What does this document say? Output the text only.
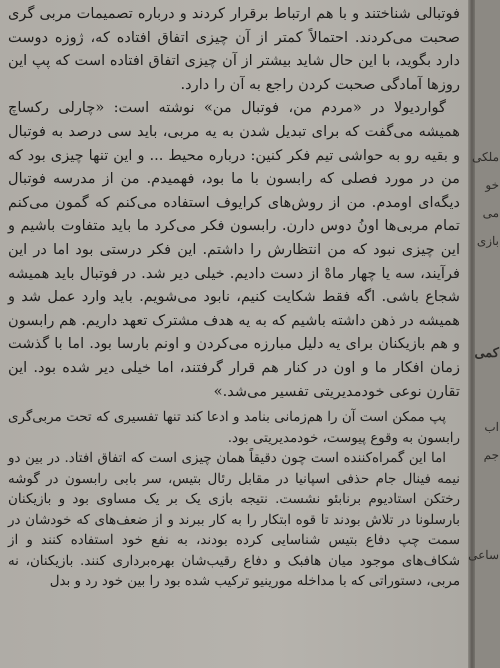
فوتبالی شناختند و با هم ارتباط برقرار کردند و درباره تصمیمات مربی گری صحبت می‌کردند. احتمالاً کمتر از آن چیزی اتفاق افتاده که، ژوزه دوست دارد بگوید، با این حال شاید بیشتر از آن چیزی اتفاق افتاده است که پپ این روزها آمادگی صحبت کردن راجع به آن را دارد.

گواردیولا در «مردم من، فوتبال من» نوشته است: «چارلی رکساچ همیشه می‌گفت که برای تبدیل شدن به یه مربی، باید سی درصد به فوتبال و بقیه رو به حواشی تیم فکر کنین: درباره محیط ... و این تنها چیزی بود که من در مورد فصلی که رابسون با ما بود، فهمیدم. من از مدرسه فوتبال دیگه‌ای اومدم. من از روش‌های کرایوف استفاده می‌کنم که گمون می‌کنم تمام مربی‌ها اونُ دوس دارن. رابسون فکر می‌کرد ما باید متفاوت باشیم و این چیزی نبود که من انتظارش را داشتم. این فکر درستی بود اما در این فرآیند، سه یا چهار ماهْ از دست دادیم. خیلی دیر شد. در فوتبال باید همیشه شجاع باشی. اگه فقط شکایت کنیم، نابود می‌شویم. باید وارد عمل شد و همیشه در ذهن داشته باشیم که به یه هدف مشترک تعهد داریم. هم رابسون و هم بازیکنان برای یه دلیل مبارزه می‌کردن و اونم بارسا بود. اما با گذشت زمان افکار ما و اون در کنار هم قرار گرفتند، اما خیلی دیر شده بود. این تقارن نوعی خودمدیریتی تفسیر می‌شد.»

پپ ممکن است آن را هم‌زمانی بنامد و ادعا کند تنها تفسیری که تحت مربی‌گری رابسون به وقوع پیوست، خودمدیریتی بود.

اما این گمراه‌کننده است چون دقیقاً همان چیزی است که اتفاق افتاد. در بین دو نیمه فینال جام حذفی اسپانیا در مقابل رئال بتیس، سر بابی رابسون در گوشه رختکن استادیوم برنابئو نشست. نتیجه بازی یک بر یک مساوی بود و بازیکنان بارسلونا در تلاش بودند تا قوه ابتکار را به کار ببرند و از ضعف‌های که خودشان در سمت چپ دفاع بتیس شناسایی کرده بودند، به نفع خود استفاده کنند و از شکاف‌های موجود میان هافبک و دفاع رقیب‌شان بهره‌برداری کنند. بازیکنان، نه مربی، دستوراتی که با مداخله مورینیو ترکیب شده بود را بین خود رد و بدل

ملکی
خو
می
بازی
کمی
اب
جم
ساعی
